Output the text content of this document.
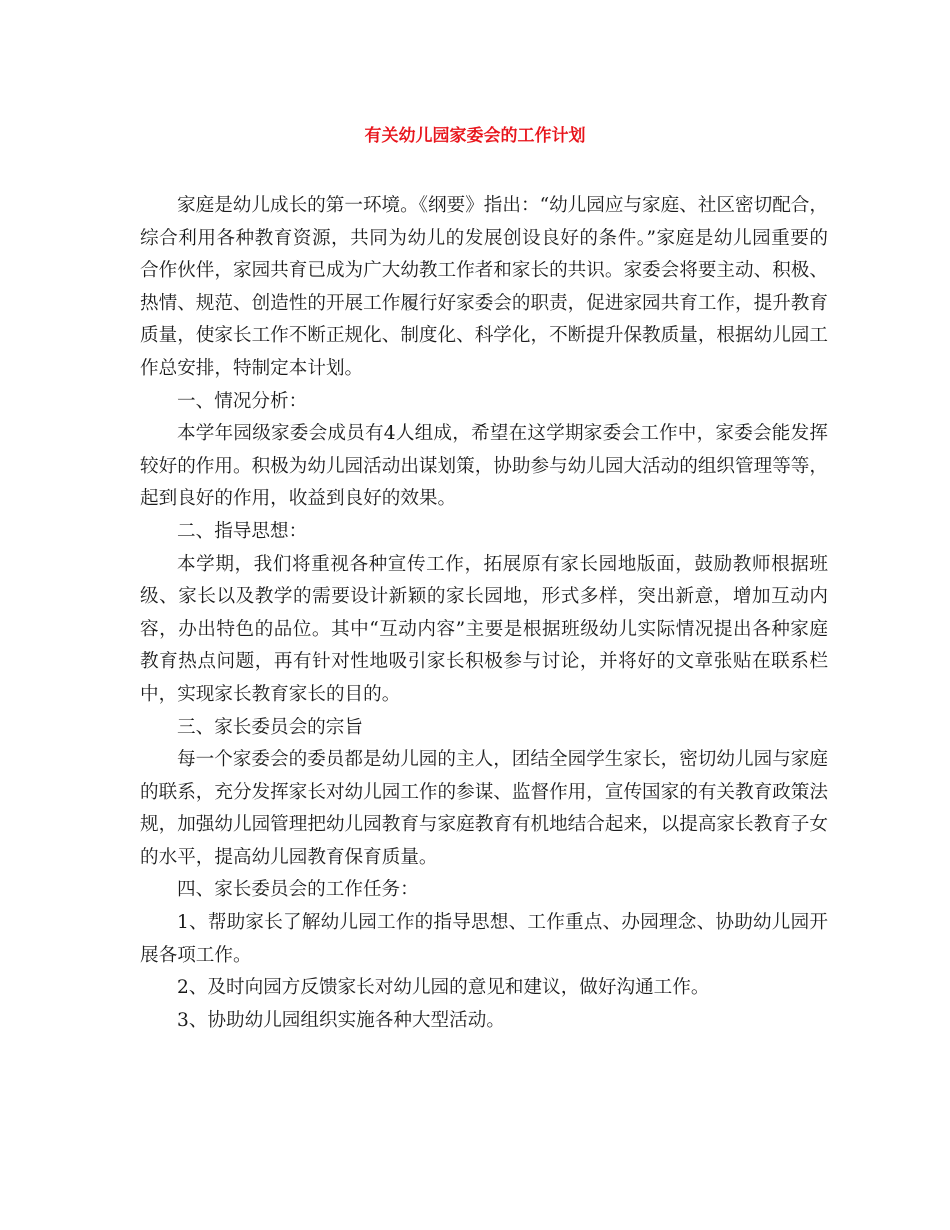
有关幼儿园家委会的工作计划

家庭是幼儿成长的第一环境。《纲要》指出：“幼儿园应与家庭、社区密切配合，综合利用各种教育资源，共同为幼儿的发展创设良好的条件。”家庭是幼儿园重要的合作伙伴，家园共育已成为广大幼教工作者和家长的共识。家委会将要主动、积极、热情、规范、创造性的开展工作履行好家委会的职责，促进家园共育工作，提升教育质量，使家长工作不断正规化、制度化、科学化，不断提升保教质量，根据幼儿园工作总安排，特制定本计划。

一、情况分析：

本学年园级家委会成员有4人组成，希望在这学期家委会工作中，家委会能发挥较好的作用。积极为幼儿园活动出谋划策，协助参与幼儿园大活动的组织管理等等，起到良好的作用，收益到良好的效果。

二、指导思想：

本学期，我们将重视各种宣传工作，拓展原有家长园地版面，鼓励教师根据班级、家长以及教学的需要设计新颖的家长园地，形式多样，突出新意，增加互动内容，办出特色的品位。其中“互动内容”主要是根据班级幼儿实际情况提出各种家庭教育热点问题，再有针对性地吸引家长积极参与讨论，并将好的文章张贴在联系栏中，实现家长教育家长的目的。

三、家长委员会的宗旨

每一个家委会的委员都是幼儿园的主人，团结全园学生家长，密切幼儿园与家庭的联系，充分发挥家长对幼儿园工作的参谋、监督作用，宣传国家的有关教育政策法规，加强幼儿园管理把幼儿园教育与家庭教育有机地结合起来，以提高家长教育子女的水平，提高幼儿园教育保育质量。

四、家长委员会的工作任务：

1、帮助家长了解幼儿园工作的指导思想、工作重点、办园理念、协助幼儿园开展各项工作。

2、及时向园方反馈家长对幼儿园的意见和建议，做好沟通工作。

3、协助幼儿园组织实施各种大型活动。
